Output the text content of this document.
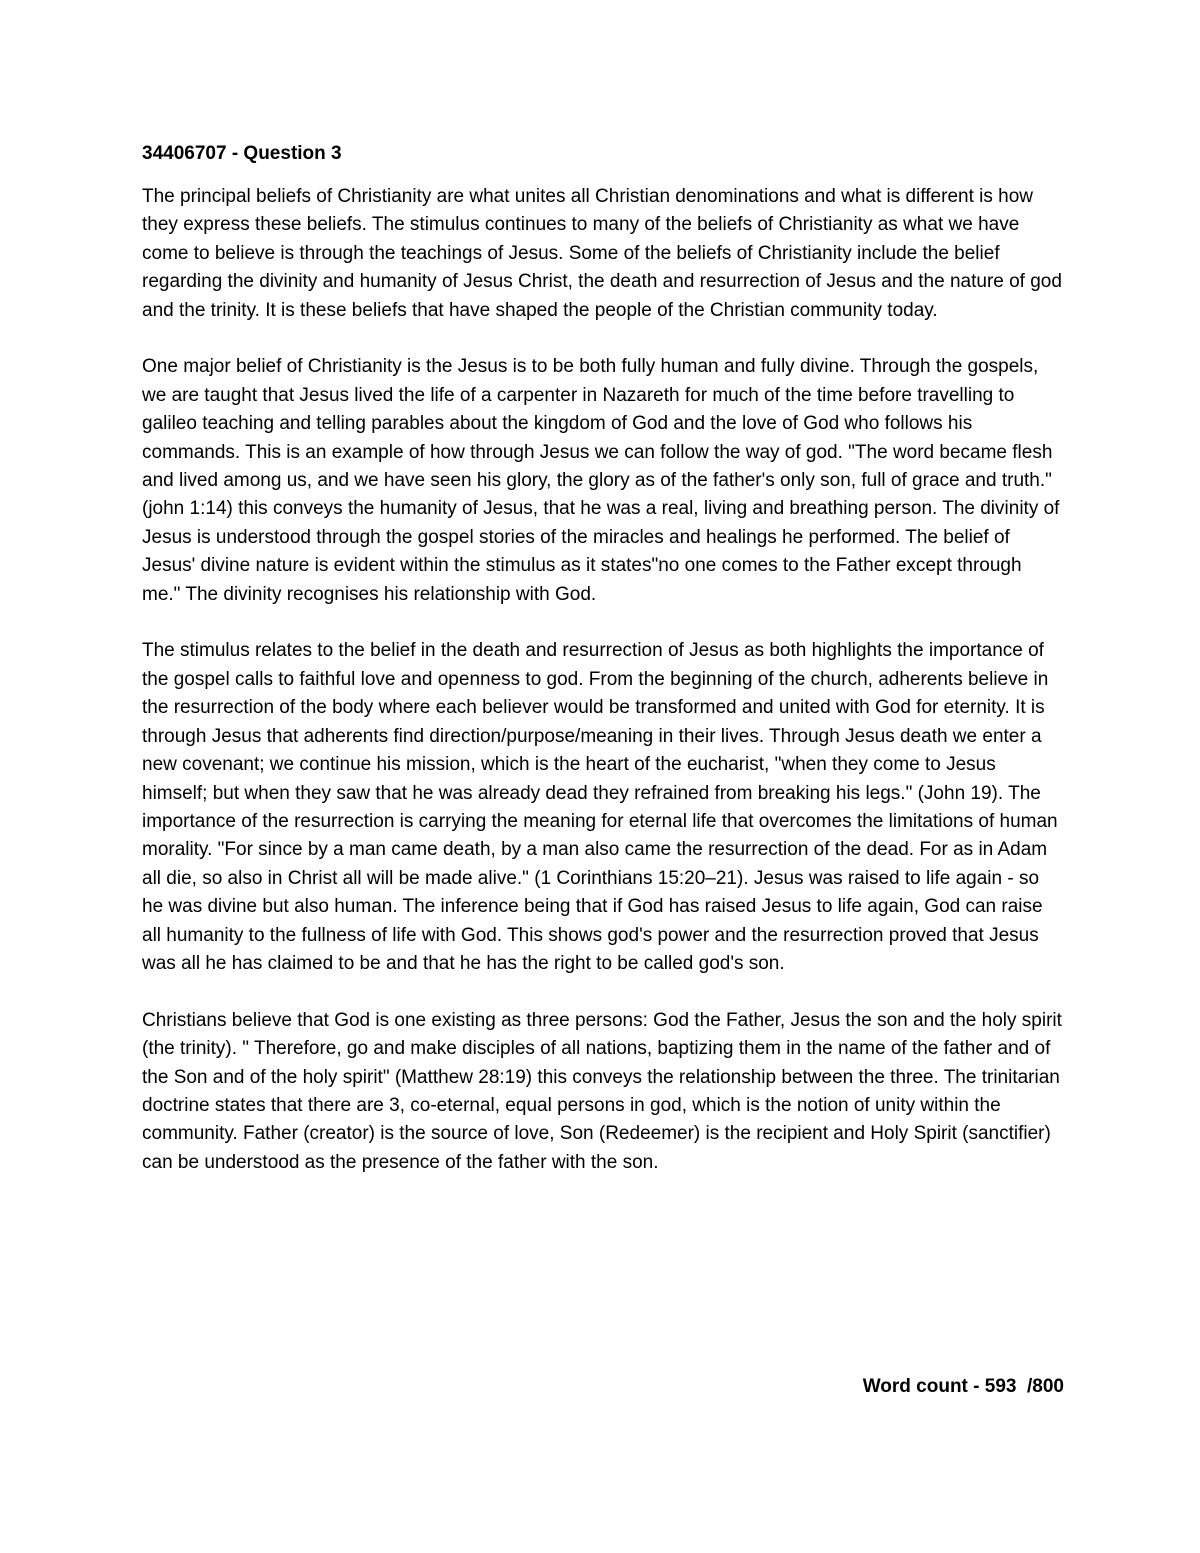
34406707 - Question 3

The principal beliefs of Christianity are what unites all Christian denominations and what is different is how they express these beliefs. The stimulus continues to many of the beliefs of Christianity as what we have come to believe is through the teachings of Jesus. Some of the beliefs of Christianity include the belief regarding the divinity and humanity of Jesus Christ, the death and resurrection of Jesus and the nature of god and the trinity. It is these beliefs that have shaped the people of the Christian community today.

One major belief of Christianity is the Jesus is to be both fully human and fully divine. Through the gospels, we are taught that Jesus lived the life of a carpenter in Nazareth for much of the time before travelling to galileo teaching and telling parables about the kingdom of God and the love of God who follows his commands. This is an example of how through Jesus we can follow the way of god. "The word became flesh and lived among us, and we have seen his glory, the glory as of the father's only son, full of grace and truth." (john 1:14) this conveys the humanity of Jesus, that he was a real, living and breathing person. The divinity of Jesus is understood through the gospel stories of the miracles and healings he performed. The belief of Jesus' divine nature is evident within the stimulus as it states"no one comes to the Father except through me." The divinity recognises his relationship with God.

The stimulus relates to the belief in the death and resurrection of Jesus as both highlights the importance of the gospel calls to faithful love and openness to god. From the beginning of the church, adherents believe in the resurrection of the body where each believer would be transformed and united with God for eternity. It is through Jesus that adherents find direction/purpose/meaning in their lives. Through Jesus death we enter a new covenant; we continue his mission, which is the heart of the eucharist, "when they come to Jesus himself; but when they saw that he was already dead they refrained from breaking his legs." (John 19). The importance of the resurrection is carrying the meaning for eternal life that overcomes the limitations of human morality. "For since by a man came death, by a man also came the resurrection of the dead. For as in Adam all die, so also in Christ all will be made alive." (1 Corinthians 15:20–21). Jesus was raised to life again - so he was divine but also human. The inference being that if God has raised Jesus to life again, God can raise all humanity to the fullness of life with God. This shows god's power and the resurrection proved that Jesus was all he has claimed to be and that he has the right to be called god's son.

Christians believe that God is one existing as three persons: God the Father, Jesus the son and the holy spirit (the trinity). " Therefore, go and make disciples of all nations, baptizing them in the name of the father and of the Son and of the holy spirit" (Matthew 28:19) this conveys the relationship between the three. The trinitarian doctrine states that there are 3, co-eternal, equal persons in god, which is the notion of unity within the community. Father (creator) is the source of love, Son (Redeemer) is the recipient and Holy Spirit (sanctifier) can be understood as the presence of the father with the son.

Word count - 593  /800
